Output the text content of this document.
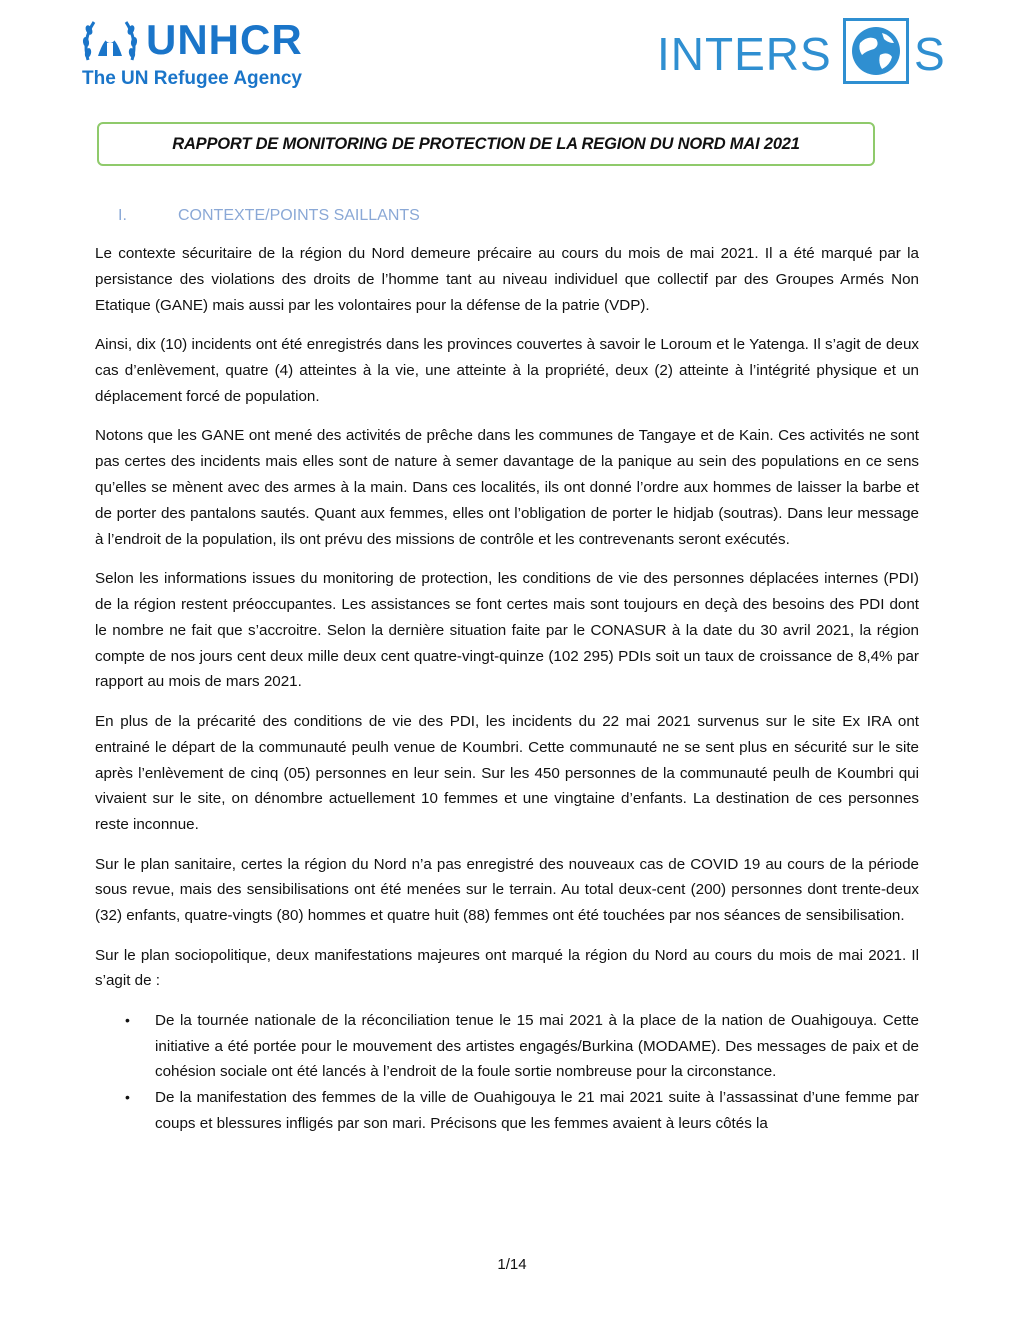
UNHCR
The UN Refugee Agency	INTERS S
RAPPORT DE MONITORING DE PROTECTION DE LA REGION DU NORD MAI 2021
I.	CONTEXTE/POINTS SAILLANTS

Le contexte sécuritaire de la région du Nord demeure précaire au cours du mois de mai 2021. Il a été marqué par la persistance des violations des droits de l’homme tant au niveau individuel que collectif par des Groupes Armés Non Etatique (GANE) mais aussi par les volontaires pour la défense de la patrie (VDP).

Ainsi, dix (10) incidents ont été enregistrés dans les provinces couvertes à savoir le Loroum et le Yatenga. Il s’agit de deux cas d’enlèvement, quatre (4) atteintes à la vie, une atteinte à la propriété, deux (2) atteinte à l’intégrité physique et un déplacement forcé de population.

Notons que les GANE ont mené des activités de prêche dans les communes de Tangaye et de Kain. Ces activités ne sont pas certes des incidents mais elles sont de nature à semer davantage de la panique au sein des populations en ce sens qu’elles se mènent avec des armes à la main. Dans ces localités, ils ont donné l’ordre aux hommes de laisser la barbe et de porter des pantalons sautés. Quant aux femmes, elles ont l’obligation de porter le hidjab (soutras). Dans leur message à l’endroit de la population, ils ont prévu des missions de contrôle et les contrevenants seront exécutés.

Selon les informations issues du monitoring de protection, les conditions de vie des personnes déplacées internes (PDI) de la région restent préoccupantes. Les assistances se font certes mais sont toujours en deçà des besoins des PDI dont le nombre ne fait que s’accroitre. Selon la dernière situation faite par le CONASUR à la date du 30 avril 2021, la région compte de nos jours cent deux mille deux cent quatre-vingt-quinze (102 295) PDIs soit un taux de croissance de 8,4% par rapport au mois de mars 2021.

En plus de la précarité des conditions de vie des PDI, les incidents du 22 mai 2021 survenus sur le site Ex IRA ont entrainé le départ de la communauté peulh venue de Koumbri. Cette communauté ne se sent plus en sécurité sur le site après l’enlèvement de cinq (05) personnes en leur sein. Sur les 450 personnes de la communauté peulh de Koumbri qui vivaient sur le site, on dénombre actuellement 10 femmes et une vingtaine d’enfants. La destination de ces personnes reste inconnue.

Sur le plan sanitaire, certes la région du Nord n’a pas enregistré des nouveaux cas de COVID 19 au cours de la période sous revue, mais des sensibilisations ont été menées sur le terrain. Au total deux-cent (200) personnes dont trente-deux (32) enfants, quatre-vingts (80) hommes et quatre huit (88) femmes ont été touchées par nos séances de sensibilisation.

Sur le plan sociopolitique, deux manifestations majeures ont marqué la région du Nord au cours du mois de mai 2021. Il s’agit de :

• De la tournée nationale de la réconciliation tenue le 15 mai 2021 à la place de la nation de Ouahigouya. Cette initiative a été portée pour le mouvement des artistes engagés/Burkina (MODAME). Des messages de paix et de cohésion sociale ont été lancés à l’endroit de la foule sortie nombreuse pour la circonstance.
• De la manifestation des femmes de la ville de Ouahigouya le 21 mai 2021 suite à l’assassinat d’une femme par coups et blessures infligés par son mari. Précisons que les femmes avaient à leurs côtés la
1/14
